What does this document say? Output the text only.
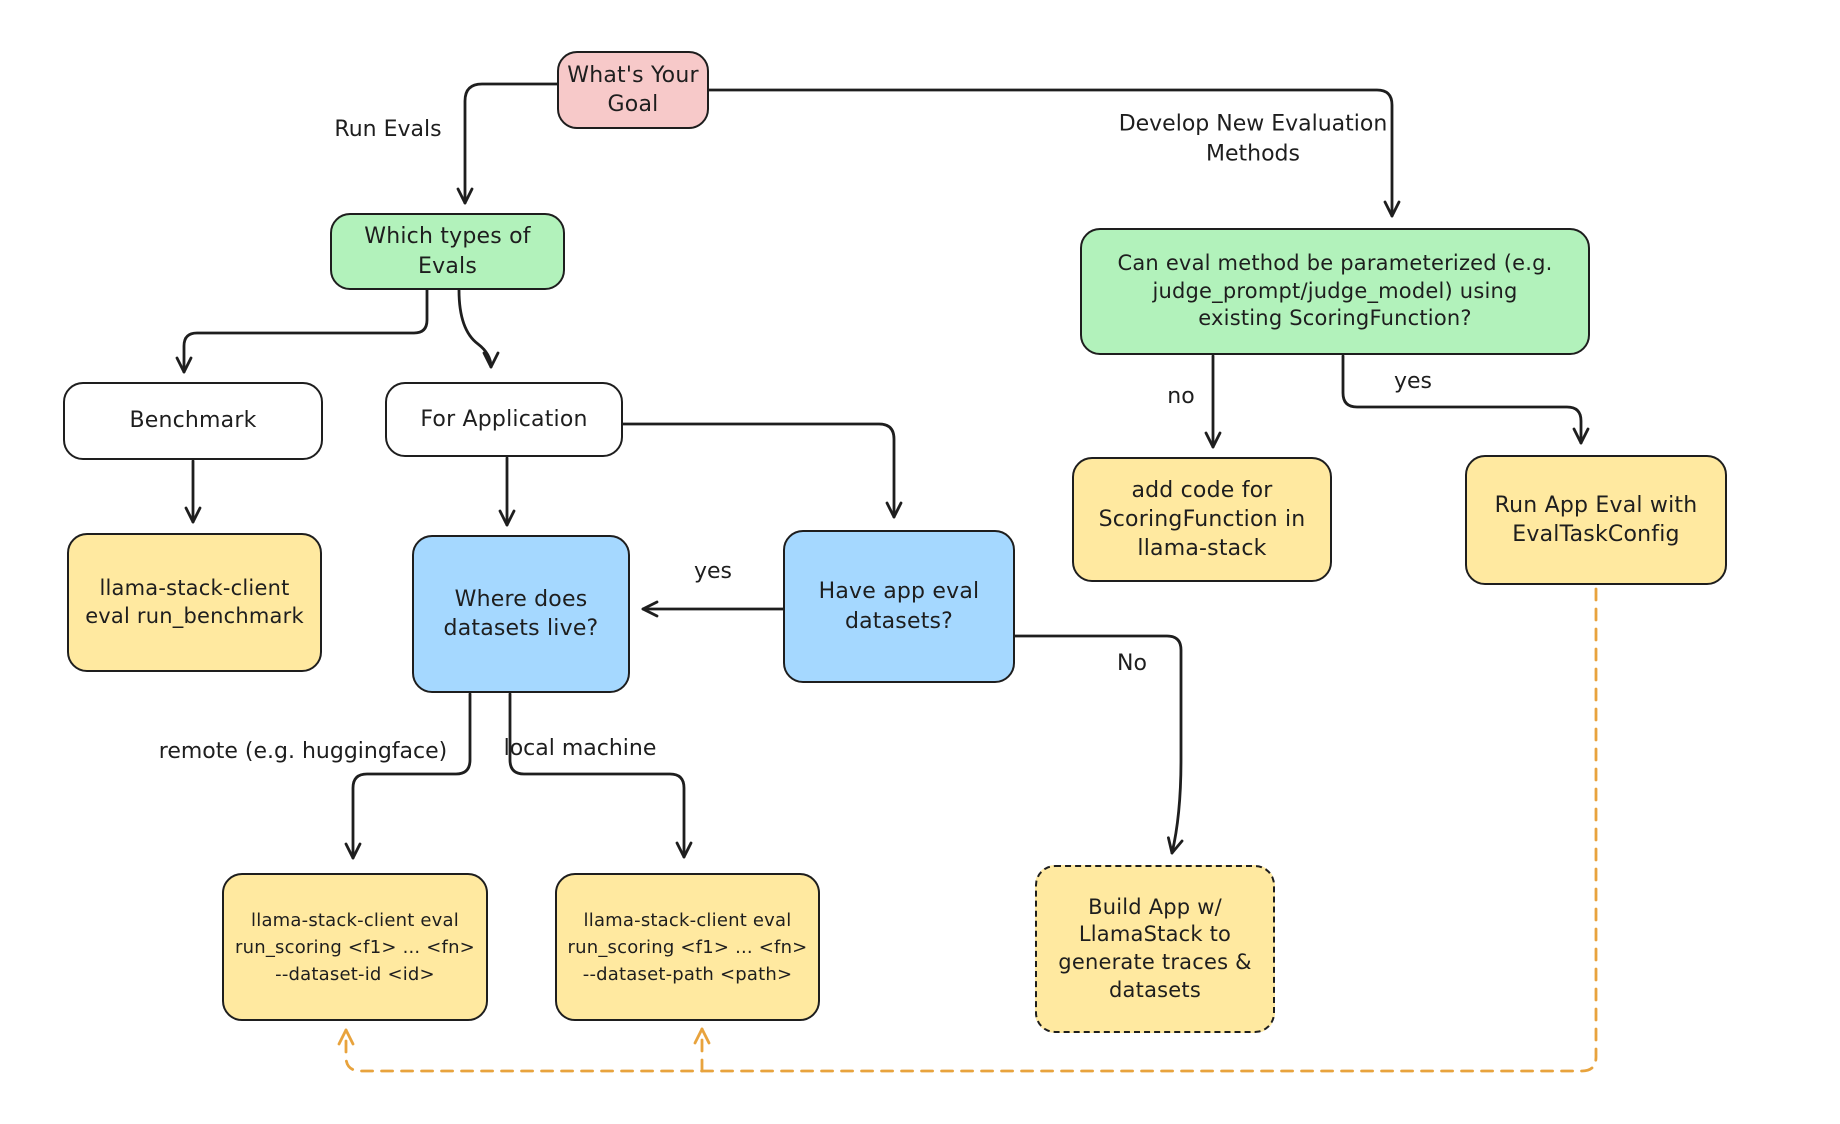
What's Your
Goal
Which types of
Evals
Benchmark	For Application
llama-stack-client
eval run_benchmark
Where does
datasets live?
Have app eval
datasets?
Can eval method be parameterized (e.g.
judge_prompt/judge_model) using
existing ScoringFunction?
add code for
ScoringFunction in
llama-stack
Run App Eval with
EvalTaskConfig
llama-stack-client eval
run_scoring <f1> ... <fn>
--dataset-id <id>
llama-stack-client eval
run_scoring <f1> ... <fn>
--dataset-path <path>
Build App w/
LlamaStack to
generate traces &
datasets
Run Evals	Develop New Evaluation
Methods
yes
No
no
yes
remote (e.g. huggingface)	local machine
